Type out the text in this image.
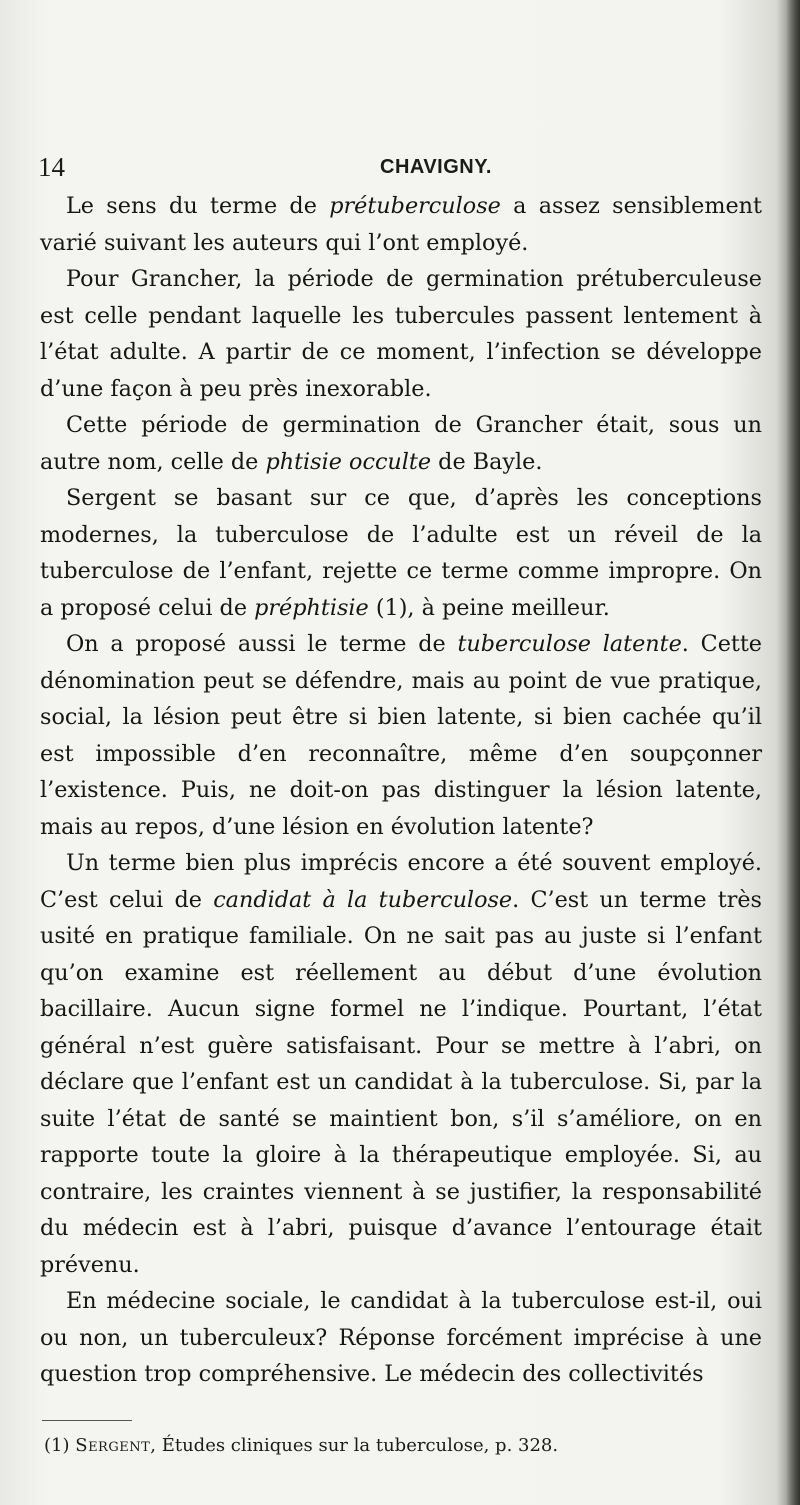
14	CHAVIGNY.

Le sens du terme de prétuberculose a assez sensiblement varié suivant les auteurs qui l’ont employé.

Pour Grancher, la période de germination prétuberculeuse est celle pendant laquelle les tubercules passent lentement à l’état adulte. A partir de ce moment, l’infection se développe d’une façon à peu près inexorable.

Cette période de germination de Grancher était, sous un autre nom, celle de phtisie occulte de Bayle.

Sergent se basant sur ce que, d’après les conceptions modernes, la tuberculose de l’adulte est un réveil de la tuberculose de l’enfant, rejette ce terme comme impropre. On a proposé celui de préphtisie (1), à peine meilleur.

On a proposé aussi le terme de tuberculose latente. Cette dénomination peut se défendre, mais au point de vue pratique, social, la lésion peut être si bien latente, si bien cachée qu’il est impossible d’en reconnaître, même d’en soupçonner l’existence. Puis, ne doit-on pas distinguer la lésion latente, mais au repos, d’une lésion en évolution latente?

Un terme bien plus imprécis encore a été souvent employé. C’est celui de candidat à la tuberculose. C’est un terme très usité en pratique familiale. On ne sait pas au juste si l’enfant qu’on examine est réellement au début d’une évolution bacillaire. Aucun signe formel ne l’indique. Pourtant, l’état général n’est guère satisfaisant. Pour se mettre à l’abri, on déclare que l’enfant est un candidat à la tuberculose. Si, par la suite l’état de santé se maintient bon, s’il s’améliore, on en rapporte toute la gloire à la thérapeutique employée. Si, au contraire, les craintes viennent à se justifier, la responsabilité du médecin est à l’abri, puisque d’avance l’entourage était prévenu.

En médecine sociale, le candidat à la tuberculose est-il, oui ou non, un tuberculeux? Réponse forcément imprécise à une question trop compréhensive. Le médecin des collectivités

(1) Sergent, Études cliniques sur la tuberculose, p. 328.
